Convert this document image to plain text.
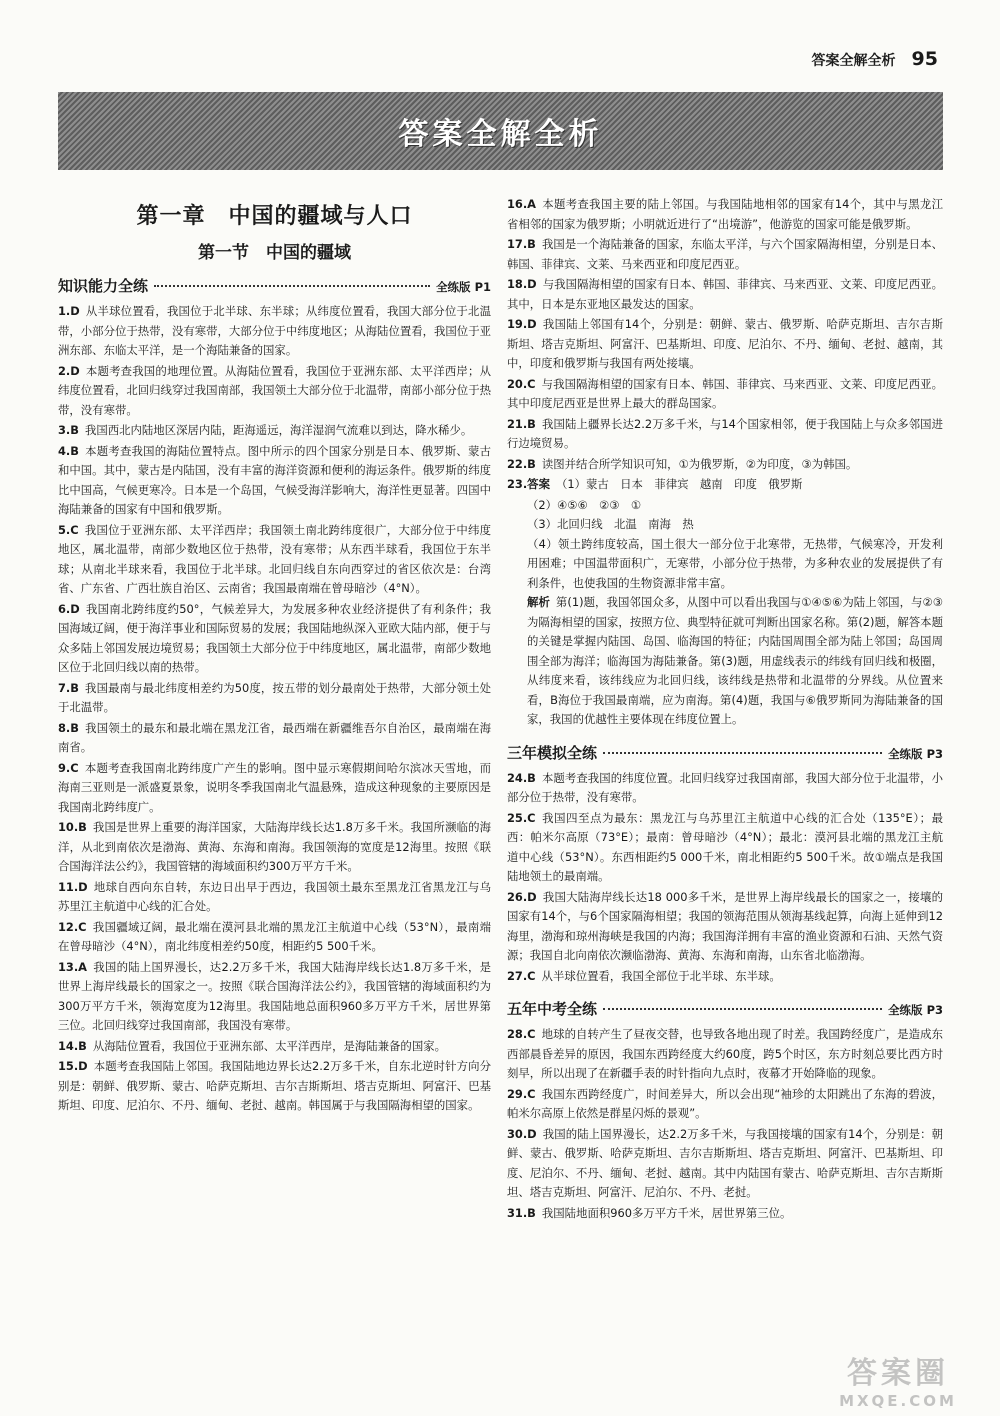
答案全解全析 95
答案全解全析
第一章　中国的疆域与人口
第一节　中国的疆域
知识能力全练	全练版 P1

1.D 从半球位置看，我国位于北半球、东半球；从纬度位置看，我国大部分位于北温带，小部分位于热带，没有寒带，大部分位于中纬度地区；从海陆位置看，我国位于亚洲东部、东临太平洋，是一个海陆兼备的国家。

2.D 本题考查我国的地理位置。从海陆位置看，我国位于亚洲东部、太平洋西岸；从纬度位置看，北回归线穿过我国南部，我国领土大部分位于北温带，南部小部分位于热带，没有寒带。

3.B 我国西北内陆地区深居内陆，距海遥远，海洋湿润气流难以到达，降水稀少。

4.B 本题考查我国的海陆位置特点。图中所示的四个国家分别是日本、俄罗斯、蒙古和中国。其中，蒙古是内陆国，没有丰富的海洋资源和便利的海运条件。俄罗斯的纬度比中国高，气候更寒冷。日本是一个岛国，气候受海洋影响大，海洋性更显著。四国中海陆兼备的国家有中国和俄罗斯。

5.C 我国位于亚洲东部、太平洋西岸；我国领土南北跨纬度很广，大部分位于中纬度地区，属北温带，南部少数地区位于热带，没有寒带；从东西半球看，我国位于东半球；从南北半球来看，我国位于北半球。北回归线自东向西穿过的省区依次是：台湾省、广东省、广西壮族自治区、云南省；我国最南端在曾母暗沙（4°N）。

6.D 我国南北跨纬度约50°，气候差异大，为发展多种农业经济提供了有利条件；我国海域辽阔，便于海洋事业和国际贸易的发展；我国陆地纵深入亚欧大陆内部，便于与众多陆上邻国发展边境贸易；我国领土大部分位于中纬度地区，属北温带，南部少数地区位于北回归线以南的热带。

7.B 我国最南与最北纬度相差约为50度，按五带的划分最南处于热带，大部分领土处于北温带。

8.B 我国领土的最东和最北端在黑龙江省，最西端在新疆维吾尔自治区，最南端在海南省。

9.C 本题考查我国南北跨纬度广产生的影响。图中显示寒假期间哈尔滨冰天雪地，而海南三亚则是一派盛夏景象，说明冬季我国南北气温悬殊，造成这种现象的主要原因是我国南北跨纬度广。

10.B 我国是世界上重要的海洋国家，大陆海岸线长达1.8万多千米。我国所濒临的海洋，从北到南依次是渤海、黄海、东海和南海。我国领海的宽度是12海里。按照《联合国海洋法公约》，我国管辖的海域面积约300万平方千米。

11.D 地球自西向东自转，东边日出早于西边，我国领土最东至黑龙江省黑龙江与乌苏里江主航道中心线的汇合处。

12.C 我国疆域辽阔，最北端在漠河县北端的黑龙江主航道中心线（53°N），最南端在曾母暗沙（4°N），南北纬度相差约50度，相距约5 500千米。

13.A 我国的陆上国界漫长，达2.2万多千米，我国大陆海岸线长达1.8万多千米，是世界上海岸线最长的国家之一。按照《联合国海洋法公约》，我国管辖的海域面积约为300万平方千米，领海宽度为12海里。我国陆地总面积960多万平方千米，居世界第三位。北回归线穿过我国南部，我国没有寒带。

14.B 从海陆位置看，我国位于亚洲东部、太平洋西岸，是海陆兼备的国家。

15.D 本题考查我国陆上邻国。我国陆地边界长达2.2万多千米，自东北逆时针方向分别是：朝鲜、俄罗斯、蒙古、哈萨克斯坦、吉尔吉斯斯坦、塔吉克斯坦、阿富汗、巴基斯坦、印度、尼泊尔、不丹、缅甸、老挝、越南。韩国属于与我国隔海相望的国家。

16.A 本题考查我国主要的陆上邻国。与我国陆地相邻的国家有14个，其中与黑龙江省相邻的国家为俄罗斯；小明就近进行了“出境游”，他游览的国家可能是俄罗斯。

17.B 我国是一个海陆兼备的国家，东临太平洋，与六个国家隔海相望，分别是日本、韩国、菲律宾、文莱、马来西亚和印度尼西亚。

18.D 与我国隔海相望的国家有日本、韩国、菲律宾、马来西亚、文莱、印度尼西亚。其中，日本是东亚地区最发达的国家。

19.D 我国陆上邻国有14个，分别是：朝鲜、蒙古、俄罗斯、哈萨克斯坦、吉尔吉斯斯坦、塔吉克斯坦、阿富汗、巴基斯坦、印度、尼泊尔、不丹、缅甸、老挝、越南，其中，印度和俄罗斯与我国有两处接壤。

20.C 与我国隔海相望的国家有日本、韩国、菲律宾、马来西亚、文莱、印度尼西亚。其中印度尼西亚是世界上最大的群岛国家。

21.B 我国陆上疆界长达2.2万多千米，与14个国家相邻，便于我国陆上与众多邻国进行边境贸易。

22.B 读图并结合所学知识可知，①为俄罗斯，②为印度，③为韩国。

23.答案 （1）蒙古　日本　菲律宾　越南　印度　俄罗斯

（2）④⑤⑥　②③　①

（3）北回归线　北温　南海　热

（4）领土跨纬度较高，国土很大一部分位于北寒带，无热带，气候寒冷，开发利用困难；中国温带面积广，无寒带，小部分位于热带，为多种农业的发展提供了有利条件，也使我国的生物资源非常丰富。

解析 第(1)题，我国邻国众多，从图中可以看出我国与①④⑤⑥为陆上邻国，与②③为隔海相望的国家，按照方位、典型特征就可判断出国家名称。第(2)题，解答本题的关键是掌握内陆国、岛国、临海国的特征；内陆国周围全部为陆上邻国；岛国周围全部为海洋；临海国为海陆兼备。第(3)题，用虚线表示的纬线有回归线和极圈，从纬度来看，该纬线应为北回归线，该纬线是热带和北温带的分界线。从位置来看，B海位于我国最南端，应为南海。第(4)题，我国与⑥俄罗斯同为海陆兼备的国家，我国的优越性主要体现在纬度位置上。

三年模拟全练	全练版 P3

24.B 本题考查我国的纬度位置。北回归线穿过我国南部，我国大部分位于北温带，小部分位于热带，没有寒带。

25.C 我国四至点为最东：黑龙江与乌苏里江主航道中心线的汇合处（135°E）；最西：帕米尔高原（73°E）；最南：曾母暗沙（4°N）；最北：漠河县北端的黑龙江主航道中心线（53°N）。东西相距约5 000千米，南北相距约5 500千米。故①端点是我国陆地领土的最南端。

26.D 我国大陆海岸线长达18 000多千米，是世界上海岸线最长的国家之一，接壤的国家有14个，与6个国家隔海相望；我国的领海范围从领海基线起算，向海上延伸到12海里，渤海和琼州海峡是我国的内海；我国海洋拥有丰富的渔业资源和石油、天然气资源；我国自北向南依次濒临渤海、黄海、东海和南海，山东省北临渤海。

27.C 从半球位置看，我国全部位于北半球、东半球。

五年中考全练	全练版 P3

28.C 地球的自转产生了昼夜交替，也导致各地出现了时差。我国跨经度广，是造成东西部晨昏差异的原因，我国东西跨经度大约60度，跨5个时区，东方时刻总要比西方时刻早，所以出现了在新疆手表的时针指向九点时，夜幕才开始降临的现象。

29.C 我国东西跨经度广，时间差异大，所以会出现“袖珍的太阳跳出了东海的碧波，帕米尔高原上依然是群星闪烁的景观”。

30.D 我国的陆上国界漫长，达2.2万多千米，与我国接壤的国家有14个，分别是：朝鲜、蒙古、俄罗斯、哈萨克斯坦、吉尔吉斯斯坦、塔吉克斯坦、阿富汗、巴基斯坦、印度、尼泊尔、不丹、缅甸、老挝、越南。其中内陆国有蒙古、哈萨克斯坦、吉尔吉斯斯坦、塔吉克斯坦、阿富汗、尼泊尔、不丹、老挝。

31.B 我国陆地面积960多万平方千米，居世界第三位。

答案圈
MXQE.COM
